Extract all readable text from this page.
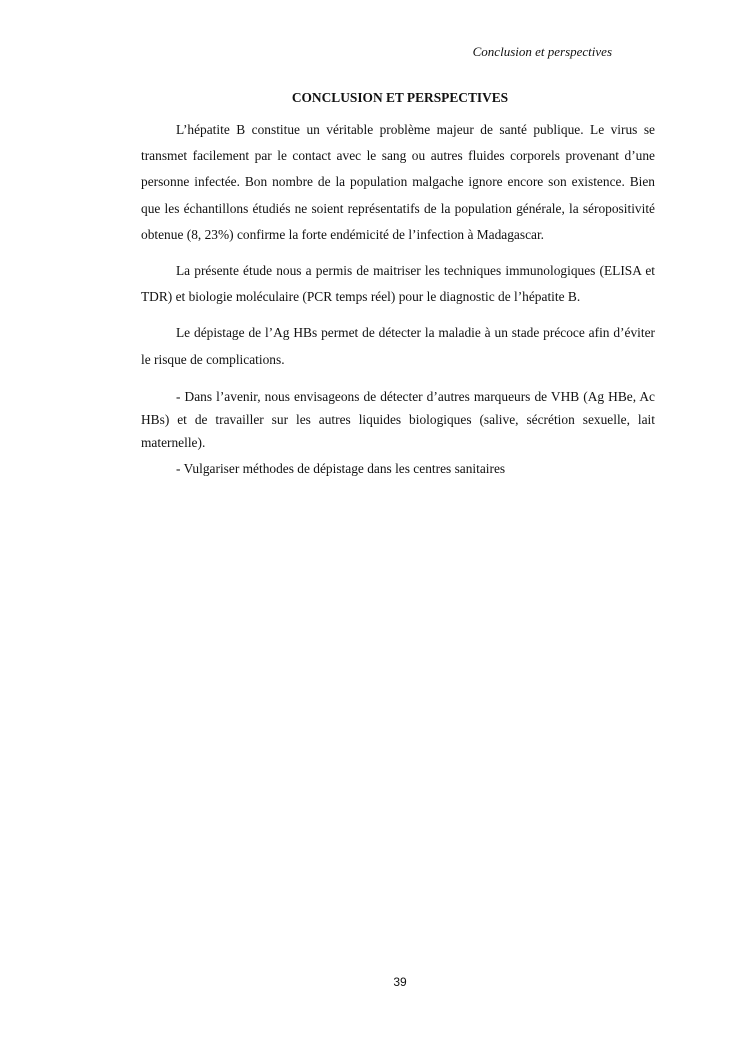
Conclusion et perspectives

CONCLUSION ET PERSPECTIVES

L’hépatite B constitue un véritable problème majeur de santé publique. Le virus se transmet facilement par le contact avec le sang ou autres fluides corporels provenant d’une personne infectée. Bon nombre de la population malgache ignore encore son existence. Bien que les échantillons étudiés ne soient représentatifs de la population générale, la séropositivité obtenue (8, 23%) confirme la forte endémicité de l’infection à Madagascar.

La présente étude nous a permis de maitriser les techniques immunologiques (ELISA et TDR) et biologie moléculaire (PCR temps réel) pour le diagnostic de l’hépatite B.

Le dépistage de l’Ag HBs permet de détecter la maladie à un stade précoce afin d’éviter le risque de complications.

- Dans l’avenir, nous envisageons de détecter d’autres marqueurs de VHB (Ag HBe, Ac HBs) et de travailler sur les autres liquides biologiques (salive, sécrétion sexuelle, lait maternelle).

- Vulgariser méthodes de dépistage dans les centres sanitaires

39
